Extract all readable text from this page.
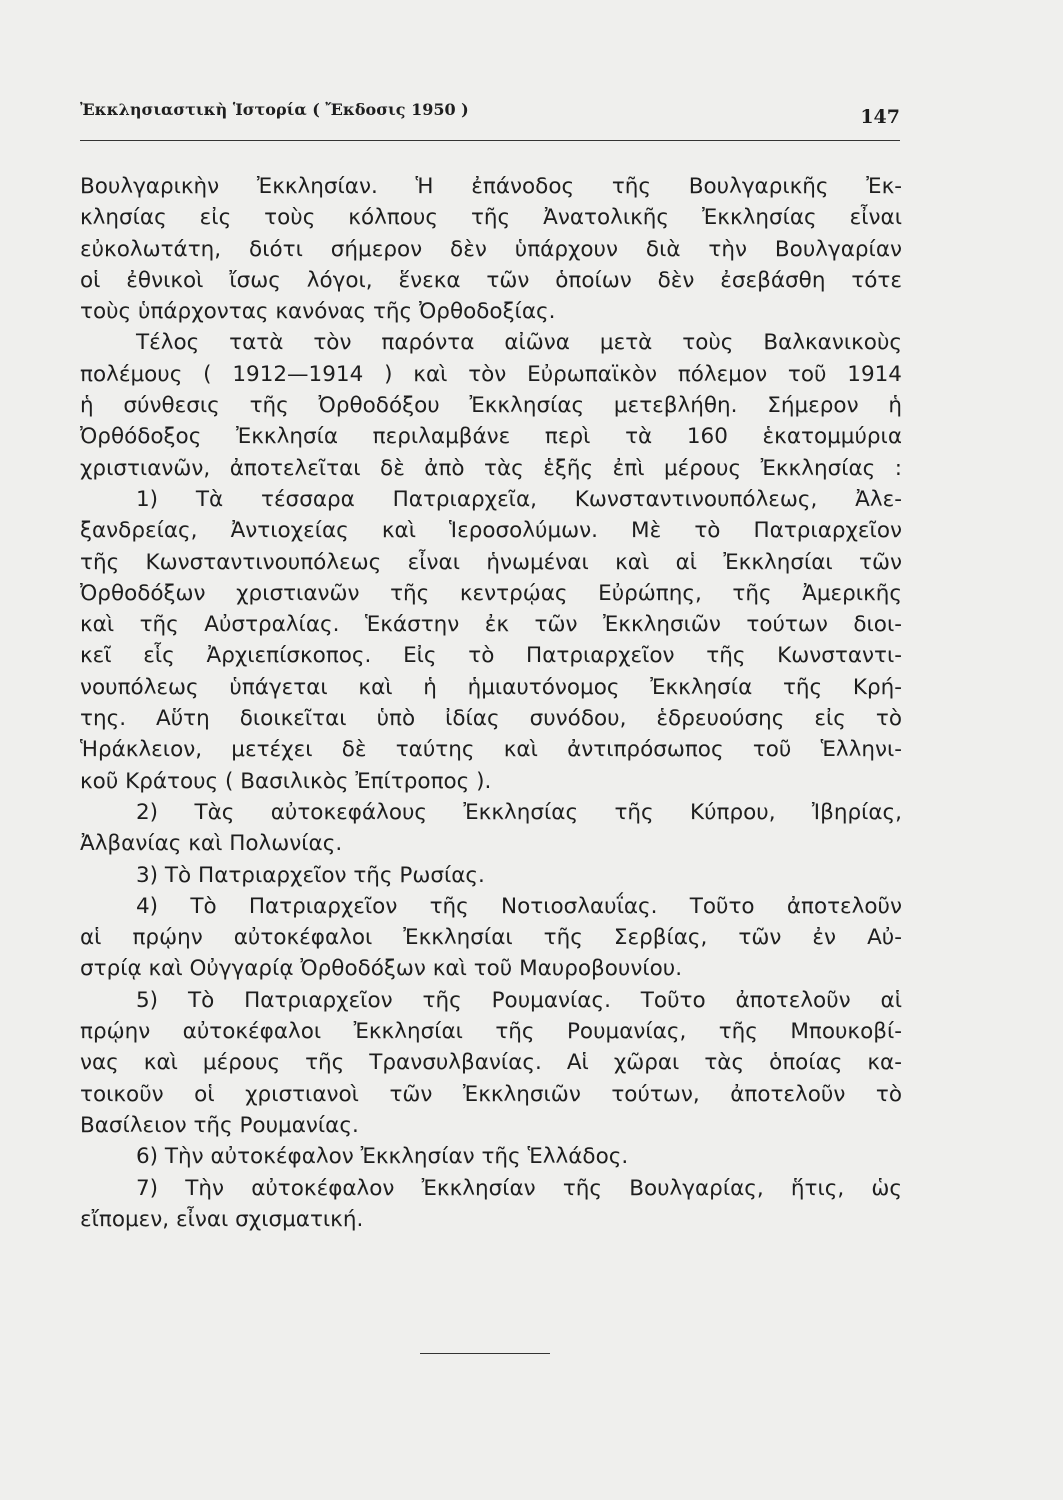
Ἐκκλησιαστικὴ Ἱστορία ( Ἔκδοσις 1950 )	147
Βουλγαρικὴν Ἐκκλησίαν. Ἡ ἐπάνοδος τῆς Βουλγαρικῆς Ἐκ-
κλησίας εἰς τοὺς κόλπους τῆς Ἀνατολικῆς Ἐκκλησίας εἶναι
εὐκολωτάτη, διότι σήμερον δὲν ὑπάρχουν διὰ τὴν Βουλγαρίαν
οἱ ἐθνικοὶ ἴσως λόγοι, ἕνεκα τῶν ὁποίων δὲν ἐσεβάσθη τότε
τοὺς ὑπάρχοντας κανόνας τῆς Ὀρθοδοξίας.
Τέλος τατὰ τὸν παρόντα αἰῶνα μετὰ τοὺς Βαλκανικοὺς
πολέμους ( 1912—1914 ) καὶ τὸν Εὐρωπαϊκὸν πόλεμον τοῦ 1914
ἡ σύνθεσις τῆς Ὀρθοδόξου Ἐκκλησίας μετεβλήθη. Σήμερον ἡ
Ὀρθόδοξος Ἐκκλησία περιλαμβάνε περὶ τὰ 160 ἑκατομμύρια
χριστιανῶν, ἀποτελεῖται δὲ ἀπὸ τὰς ἑξῆς ἐπὶ μέρους Ἐκκλησίας :
1) Τὰ τέσσαρα Πατριαρχεῖα, Κωνσταντινουπόλεως, Ἀλε-
ξανδρείας, Ἀντιοχείας καὶ Ἱεροσολύμων. Μὲ τὸ Πατριαρχεῖον
τῆς Κωνσταντινουπόλεως εἶναι ἡνωμέναι καὶ αἱ Ἐκκλησίαι τῶν
Ὀρθοδόξων χριστιανῶν τῆς κεντρῴας Εὐρώπης, τῆς Ἀμερικῆς
καὶ τῆς Αὐστραλίας. Ἑκάστην ἐκ τῶν Ἐκκλησιῶν τούτων διοι-
κεῖ εἷς Ἀρχιεπίσκοπος. Εἰς τὸ Πατριαρχεῖον τῆς Κωνσταντι-
νουπόλεως ὑπάγεται καὶ ἡ ἡμιαυτόνομος Ἐκκλησία τῆς Κρή-
της. Αὕτη διοικεῖται ὑπὸ ἰδίας συνόδου, ἑδρευούσης εἰς τὸ
Ἡράκλειον, μετέχει δὲ ταύτης καὶ ἀντιπρόσωπος τοῦ Ἑλληνι-
κοῦ Κράτους ( Βασιλικὸς Ἐπίτροπος ).
2) Τὰς αὐτοκεφάλους Ἐκκλησίας τῆς Κύπρου, Ἰβηρίας,
Ἀλβανίας καὶ Πολωνίας.
3) Τὸ Πατριαρχεῖον τῆς Ρωσίας.
4) Τὸ Πατριαρχεῖον τῆς Νοτιοσλαυΐας. Τοῦτο ἀποτελοῦν
αἱ πρῴην αὐτοκέφαλοι Ἐκκλησίαι τῆς Σερβίας, τῶν ἐν Αὐ-
στρίᾳ καὶ Οὐγγαρίᾳ Ὀρθοδόξων καὶ τοῦ Μαυροβουνίου.
5) Τὸ Πατριαρχεῖον τῆς Ρουμανίας. Τοῦτο ἀποτελοῦν αἱ
πρῴην αὐτοκέφαλοι Ἐκκλησίαι τῆς Ρουμανίας, τῆς Μπουκοβί-
νας καὶ μέρους τῆς Τρανσυλβανίας. Αἱ χῶραι τὰς ὁποίας κα-
τοικοῦν οἱ χριστιανοὶ τῶν Ἐκκλησιῶν τούτων, ἀποτελοῦν τὸ
Βασίλειον τῆς Ρουμανίας.
6) Τὴν αὐτοκέφαλον Ἐκκλησίαν τῆς Ἑλλάδος.
7) Τὴν αὐτοκέφαλον Ἐκκλησίαν τῆς Βουλγαρίας, ἥτις, ὡς
εἴπομεν, εἶναι σχισματική.
